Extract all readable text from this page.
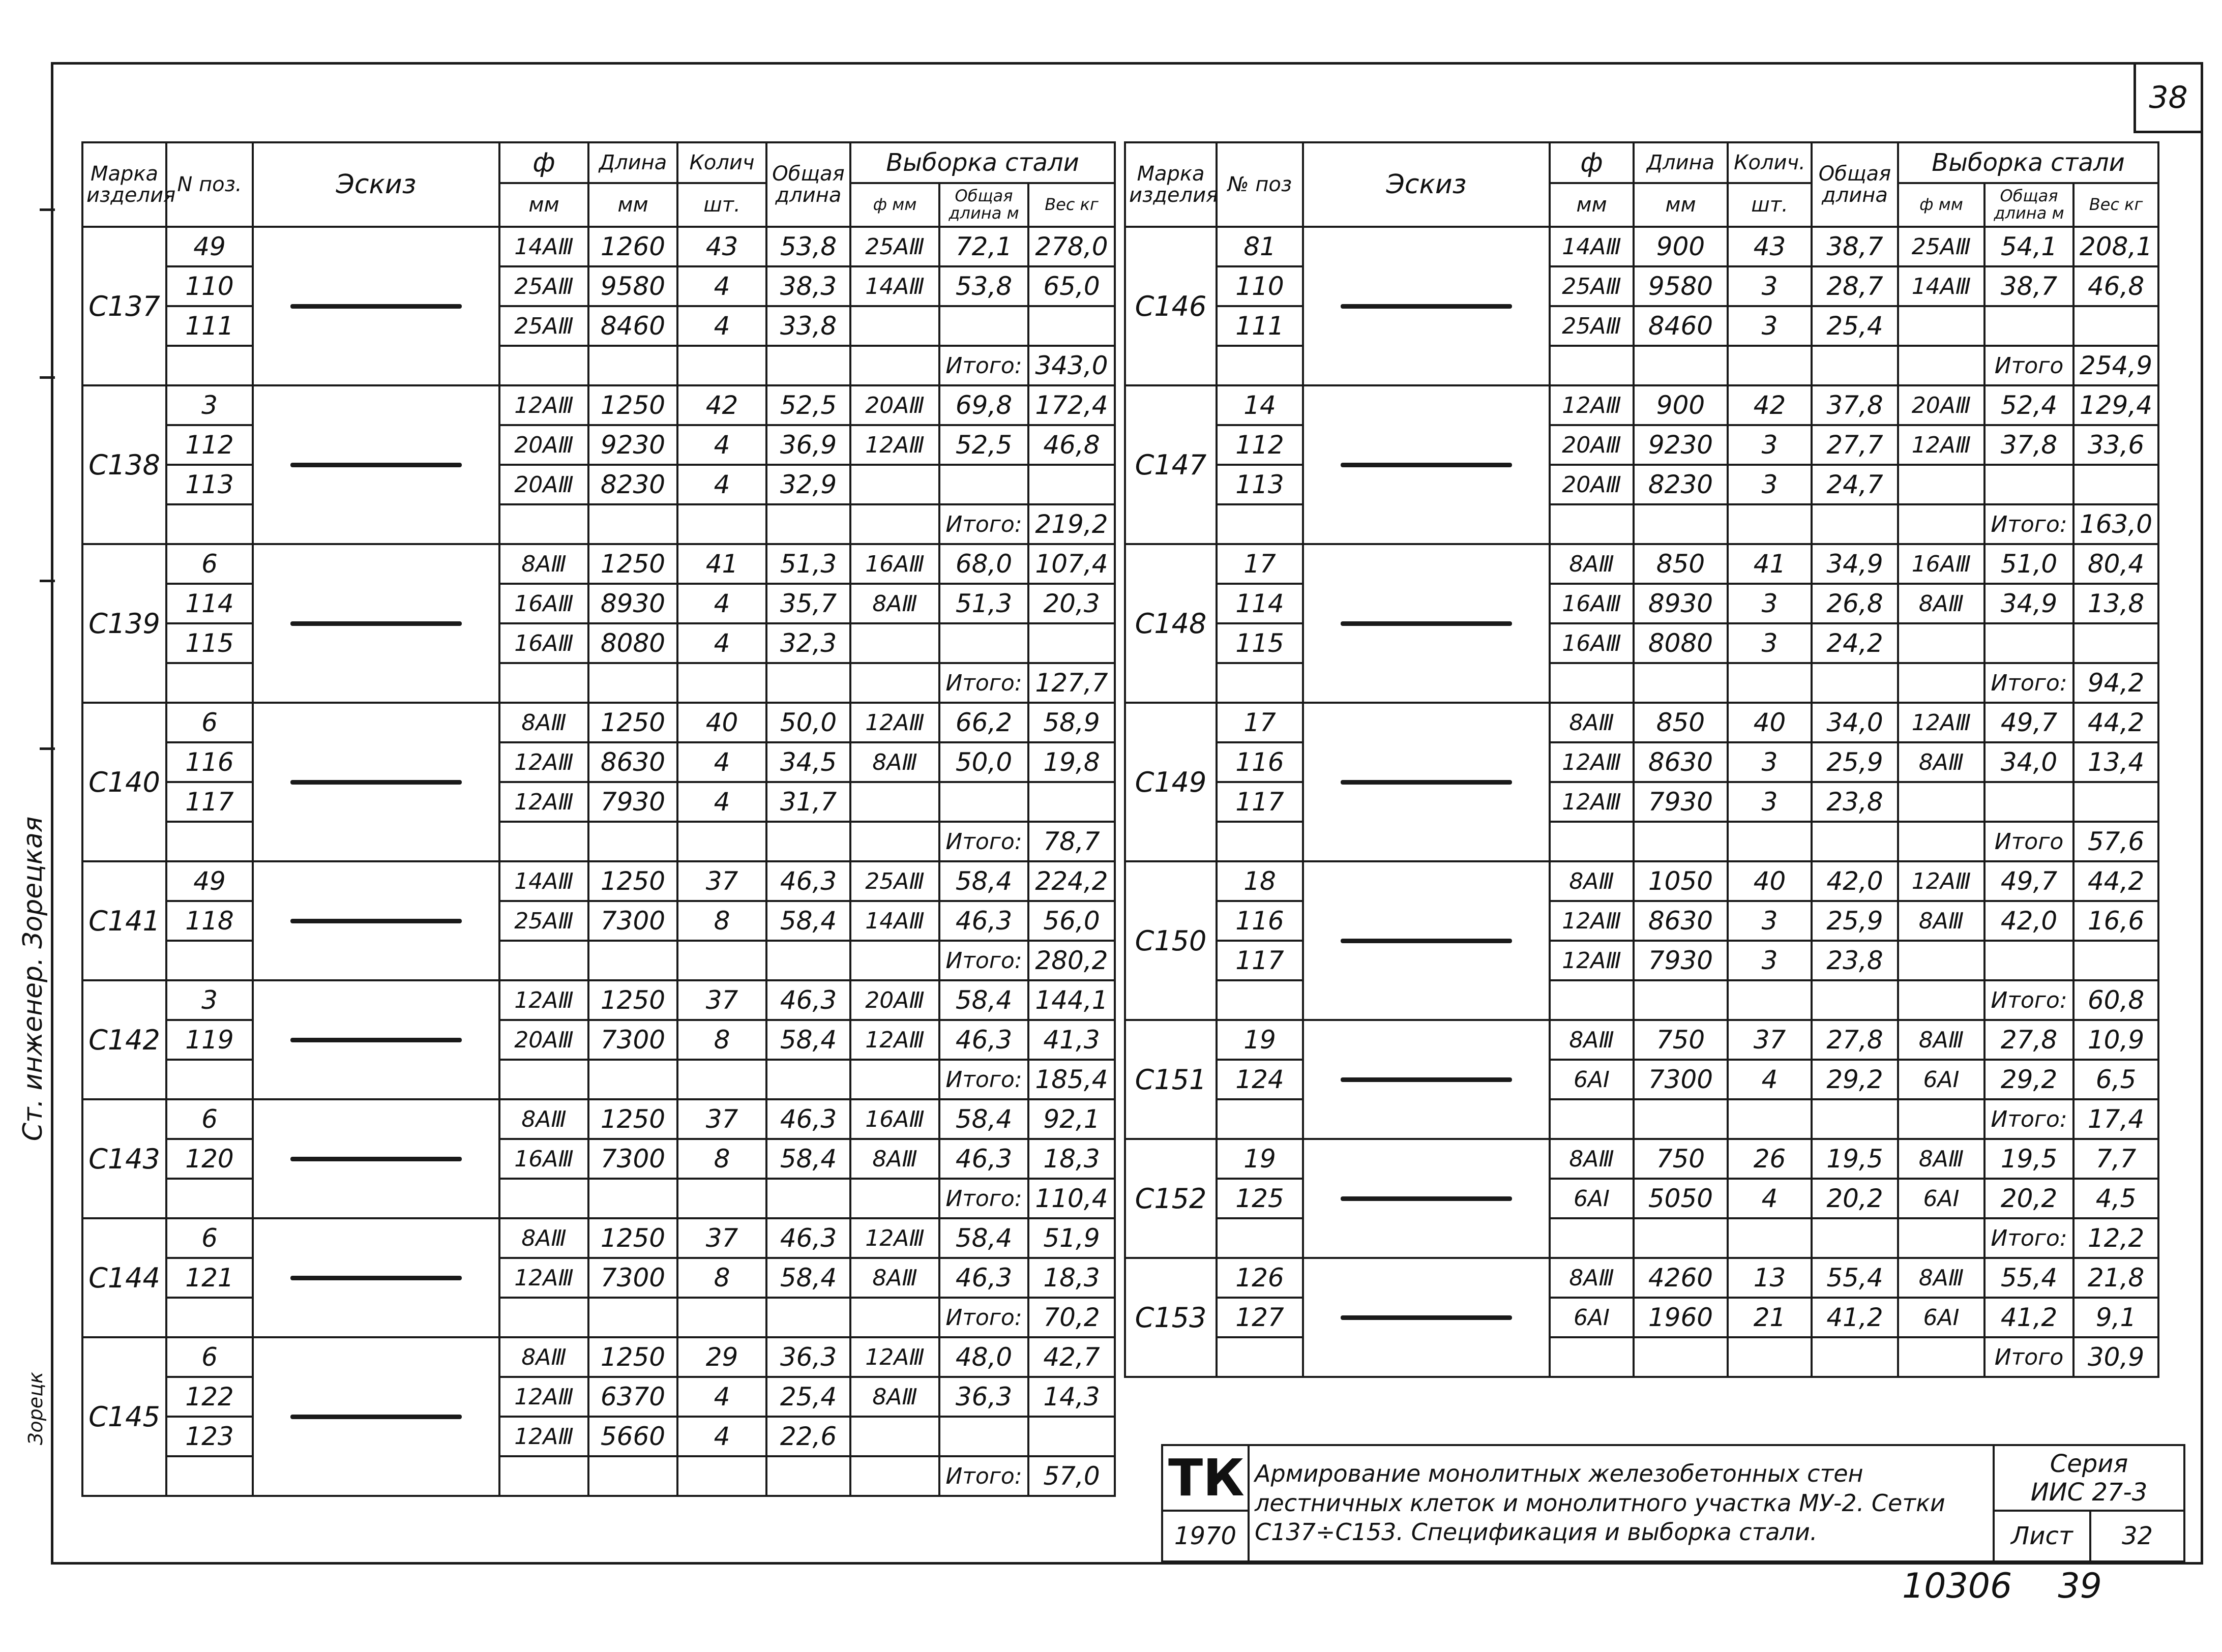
38
Ст. инженер. Зорецкая
Зорецк
Марка изделия	N поз.	Эскиз	ф	Длина	Колич	Общая длина	Выборка стали		
			мм	мм	шт.		ф мм	Общая длина м	Вес кг
С137	49		14АⅢ	1260	43	53,8	25АⅢ	72,1	278,0
	110		25АⅢ	9580	4	38,3	14АⅢ	53,8	65,0
	111		25АⅢ	8460	4	33,8			
								Итого:	343,0
С138	3		12АⅢ	1250	42	52,5	20АⅢ	69,8	172,4
	112		20АⅢ	9230	4	36,9	12АⅢ	52,5	46,8
	113		20АⅢ	8230	4	32,9			
								Итого:	219,2
С139	6		8АⅢ	1250	41	51,3	16АⅢ	68,0	107,4
	114		16АⅢ	8930	4	35,7	8АⅢ	51,3	20,3
	115		16АⅢ	8080	4	32,3			
								Итого:	127,7
С140	6		8АⅢ	1250	40	50,0	12АⅢ	66,2	58,9
	116		12АⅢ	8630	4	34,5	8АⅢ	50,0	19,8
	117		12АⅢ	7930	4	31,7			
								Итого:	78,7
С141	49		14АⅢ	1250	37	46,3	25АⅢ	58,4	224,2
	118		25АⅢ	7300	8	58,4	14АⅢ	46,3	56,0
								Итого:	280,2
С142	3		12АⅢ	1250	37	46,3	20АⅢ	58,4	144,1
	119		20АⅢ	7300	8	58,4	12АⅢ	46,3	41,3
								Итого:	185,4
С143	6		8АⅢ	1250	37	46,3	16АⅢ	58,4	92,1
	120		16АⅢ	7300	8	58,4	8АⅢ	46,3	18,3
								Итого:	110,4
С144	6		8АⅢ	1250	37	46,3	12АⅢ	58,4	51,9
	121		12АⅢ	7300	8	58,4	8АⅢ	46,3	18,3
								Итого:	70,2
С145	6		8АⅢ	1250	29	36,3	12АⅢ	48,0	42,7
	122		12АⅢ	6370	4	25,4	8АⅢ	36,3	14,3
	123		12АⅢ	5660	4	22,6			
								Итого:	57,0
Марка изделия	№ поз	Эскиз	ф	Длина	Колич.	Общая длина	Выборка стали		
			мм	мм	шт.		ф мм	Общая длина м	Вес кг
С146	81		14АⅢ	900	43	38,7	25АⅢ	54,1	208,1
	110		25АⅢ	9580	3	28,7	14АⅢ	38,7	46,8
	111		25АⅢ	8460	3	25,4			
								Итого	254,9
С147	14		12АⅢ	900	42	37,8	20АⅢ	52,4	129,4
	112		20АⅢ	9230	3	27,7	12АⅢ	37,8	33,6
	113		20АⅢ	8230	3	24,7			
								Итого:	163,0
С148	17		8АⅢ	850	41	34,9	16АⅢ	51,0	80,4
	114		16АⅢ	8930	3	26,8	8АⅢ	34,9	13,8
	115		16АⅢ	8080	3	24,2			
								Итого:	94,2
С149	17		8АⅢ	850	40	34,0	12АⅢ	49,7	44,2
	116		12АⅢ	8630	3	25,9	8АⅢ	34,0	13,4
	117		12АⅢ	7930	3	23,8			
								Итого	57,6
С150	18		8АⅢ	1050	40	42,0	12АⅢ	49,7	44,2
	116		12АⅢ	8630	3	25,9	8АⅢ	42,0	16,6
	117		12АⅢ	7930	3	23,8			
								Итого:	60,8
С151	19		8АⅢ	750	37	27,8	8АⅢ	27,8	10,9
	124		6АⅠ	7300	4	29,2	6АⅠ	29,2	6,5
								Итого:	17,4
С152	19		8АⅢ	750	26	19,5	8АⅢ	19,5	7,7
	125		6АⅠ	5050	4	20,2	6АⅠ	20,2	4,5
								Итого:	12,2
С153	126		8АⅢ	4260	13	55,4	8АⅢ	55,4	21,8
	127		6АⅠ	1960	21	41,2	6АⅠ	41,2	9,1
								Итого	30,9
ТК	Армирование монолитных железобетонных стен лестничных клеток и монолитного участка МУ-2. Сетки С137÷С153. Спецификация и выборка стали.	Серия
ИИС 27-3	

1970		Лист	32
10306 39
